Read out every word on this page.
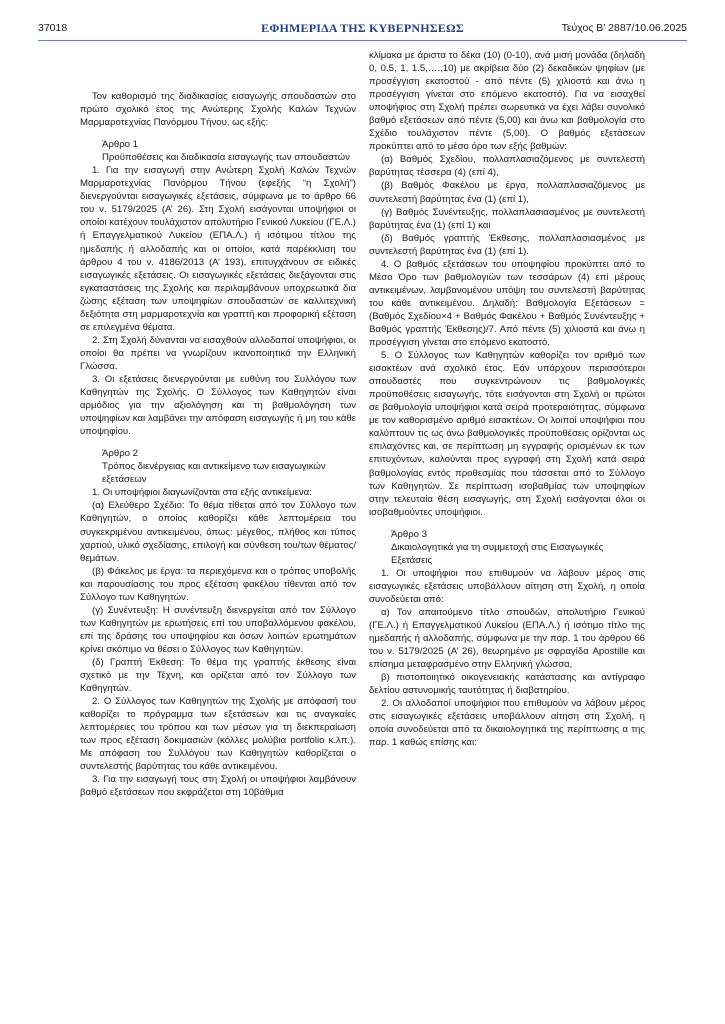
37018	ΕΦΗΜΕΡΙΔΑ ΤΗΣ ΚΥΒΕΡΝΗΣΕΩΣ	Τεύχος Β’ 2887/10.06.2025

Τον καθορισμό της διαδικασίας εισαγωγής σπουδαστών στο πρώτο σχολικό έτος της Ανώτερης Σχολής Καλών Τεχνών Μαρμαροτεχνίας Πανόρμου Τήνου, ως εξής:

Άρθρο 1

Προϋποθέσεις και διαδικασία εισαγωγής των σπουδαστών

1. Για την εισαγωγή στην Ανώτερη Σχολή Καλών Τεχνών Μαρμαροτεχνίας Πανόρμου Τήνου (εφεξής “η Σχολή”) διενεργούνται εισαγωγικές εξετάσεις, σύμφωνα με το άρθρο 66 του ν. 5179/2025 (Α’ 26). Στη Σχολή εισάγονται υποψήφιοι οι οποίοι κατέχουν τουλάχιστον απολυτήριο Γενικού Λυκείου (ΓΕ.Λ.) ή Επαγγελματικού Λυκείου (ΕΠΑ.Λ.) ή ισότιμου τίτλου της ημεδαπής ή αλλοδαπής και οι οποίοι, κατά παρέκκλιση του άρθρου 4 του ν. 4186/2013 (Α’ 193), επιτυγχάνουν σε ειδικές εισαγωγικές εξετάσεις. Οι εισαγωγικές εξετάσεις διεξάγονται στις εγκαταστάσεις της Σχολής και περιλαμβάνουν υποχρεωτικά δια ζώσης εξέταση των υποψηφίων σπουδαστών σε καλλιτεχνική δεξιότητα στη μαρμαροτεχνία και γραπτή και προφορική εξέταση σε επιλεγμένα θέματα.

2. Στη Σχολή δύνανται να εισαχθούν αλλοδαποί υποψήφιοι, οι οποίοι θα πρέπει να γνωρίζουν ικανοποιητικά την Ελληνική Γλώσσα.

3. Οι εξετάσεις διενεργούνται με ευθύνη του Συλλόγου των Καθηγητών της Σχολής. Ο Σύλλογος των Καθηγητών είναι αρμόδιος για την αξιολόγηση και τη βαθμολόγηση των υποψηφίων και λαμβάνει την απόφαση εισαγωγής ή μη του κάθε υποψηφίου.

Άρθρο 2

Τρόπος διενέργειας και αντικείμενο των εισαγωγικών εξετάσεων

1. Οι υποψήφιοι διαγωνίζονται στα εξής αντικείμενα:

(α) Ελεύθερο Σχέδιο: Το θέμα τίθεται από τον Σύλλογο των Καθηγητών, ο οποίος καθορίζει κάθε λεπτομέρεια του συγκεκριμένου αντικειμένου, όπως: μέγεθος, πλήθος και τύπος χαρτιού, υλικό σχεδίασης, επιλογή και σύνθεση του/των θέματος/θεμάτων.

(β) Φάκελος με έργα: τα περιεχόμενα και ο τρόπος υποβολής και παρουσίασης του προς εξέταση φακέλου τίθενται από τον Σύλλογο των Καθηγητών.

(γ) Συνέντευξη: Η συνέντευξη διενεργείται από τον Σύλλογο των Καθηγητών με ερωτήσεις επί του υποβαλλόμενου φακέλου, επί της δράσης του υποψηφίου και όσων λοιπών ερωτημάτων κρίνει σκόπιμο να θέσει ο Σύλλογος των Καθηγητών.

(δ) Γραπτή Έκθεση: Το θέμα της γραπτής έκθεσης είναι σχετικό με την Τέχνη, και ορίζεται από τον Σύλλογο των Καθηγητών.

2. Ο Σύλλογος των Καθηγητών της Σχολής με απόφασή του καθορίζει το πρόγραμμα των εξετάσεων και τις αναγκαίες λεπτομέρειες του τρόπου και των μέσων για τη διεκπεραίωση των προς εξέταση δοκιμασιών (κόλλες μολύβια portfolio κ.λπ.). Με απόφαση του Συλλόγου των Καθηγητών καθορίζεται ο συντελεστής βαρύτητας του κάθε αντικειμένου.

3. Για την εισαγωγή τους στη Σχολή οι υποψήφιοι λαμβάνουν βαθμό εξετάσεων που εκφράζεται στη 10βάθμια

κλίμακα με άριστα το δέκα (10) (0-10), ανά μισή μονάδα (δηλαδή 0, 0.5, 1, 1.5,….,10) με ακρίβεια δύο (2) δεκαδικών ψηφίων (με προσέγγιση εκατοστού - από πέντε (5) χιλιοστά και άνω η προσέγγιση γίνεται στο επόμενο εκατοστό). Για να εισαχθεί υποψήφιος στη Σχολή πρέπει σωρευτικά να έχει λάβει συνολικό βαθμό εξετάσεων από πέντε (5,00) και άνω και βαθμολογία στο Σχέδιο τουλάχιστον πέντε (5,00). Ο βαθμός εξετάσεων προκύπτει από το μέσο όρο των εξής βαθμών:

(α) Βαθμός Σχεδίου, πολλαπλασιαζόμενος με συντελεστή βαρύτητας τέσσερα (4) (επί 4),

(β) Βαθμός Φακέλου με έργα, πολλαπλασιαζόμενος με συντελεστή βαρύτητας ένα (1) (επί 1),

(γ) Βαθμός Συνέντευξης, πολλαπλασιασμένος με συντελεστή βαρύτητας ένα (1) (επί 1) και

(δ) Βαθμός γραπτής Έκθεσης, πολλαπλασιασμένος με συντελεστή βαρύτητας ένα (1) (επί 1).

4. Ο βαθμός εξετάσεων του υποψηφίου προκύπτει από το Μέσο Όρο των βαθμολογιών των τεσσάρων (4) επί μέρους αντικειμένων, λαμβανομένου υπόψη του συντελεστή βαρύτητας του κάθε αντικειμένου. Δηλαδή: Βαθμολογία Εξετάσεων = (Βαθμός Σχεδίου×4 + Βαθμός Φακέλου + Βαθμός Συνέντευξης + Βαθμός γραπτής Έκθεσης)/7. Από πέντε (5) χιλιοστά και άνω η προσέγγιση γίνεται στο επόμενο εκατοστό.

5. Ο Σύλλογος των Καθηγητών καθορίζει τον αριθμό των εισακτέων ανά σχολικό έτος. Εάν υπάρχουν περισσότεροι σπουδαστές που συγκεντρώνουν τις βαθμολογικές προϋποθέσεις εισαγωγής, τότε εισάγονται στη Σχολή οι πρώτοι σε βαθμολογία υποψήφιοι κατά σειρά προτεραιότητας, σύμφωνα με τον καθορισμένο αριθμό εισακτέων. Οι λοιποί υποψήφιοι που καλύπτουν τις ως άνω βαθμολογικές προϋποθέσεις ορίζονται ως επιλαχόντες και, σε περίπτωση μη εγγραφής ορισμένων εκ των επιτυχόντων, καλούνται προς εγγραφή στη Σχολή κατά σειρά βαθμολογίας εντός προθεσμίας που τάσσεται από το Σύλλογο των Καθηγητών. Σε περίπτωση ισοβαθμίας των υποψηφίων στην τελευταία θέση εισαγωγής, στη Σχολή εισάγονται όλοι οι ισοβαθμούντες υποψήφιοι.

Άρθρο 3

Δικαιολογητικά για τη συμμετοχή στις Εισαγωγικές Εξετάσεις

1. Οι υποψήφιοι που επιθυμούν να λάβουν μέρος στις εισαγωγικές εξετάσεις υποβάλλουν αίτηση στη Σχολή, η οποία συνοδεύεται από:

α) Τον απαιτούμενο τίτλο σπουδών, απολυτήριο Γενικού (ΓΕ.Λ.) ή Επαγγελματικού Λυκείου (ΕΠΑ.Λ.) ή ισότιμο τίτλο της ημεδαπής ή αλλοδαπής, σύμφωνα με την παρ. 1 του άρθρου 66 του ν. 5179/2025 (Α’ 26), θεωρημένο με σφραγίδα Apostille και επίσημα μεταφρασμένο στην Ελληνική γλώσσα,

β) πιστοποιητικό οικογενειακής κατάστασης και αντίγραφο δελτίου αστυνομικής ταυτότητας ή διαβατηρίου.

2. Οι αλλοδαποί υποψήφιοι που επιθυμούν να λάβουν μέρος στις εισαγωγικές εξετάσεις υποβάλλουν αίτηση στη Σχολή, η οποία συνοδεύεται από τα δικαιολογητικά της περίπτωσης α της παρ. 1 καθώς επίσης και:
